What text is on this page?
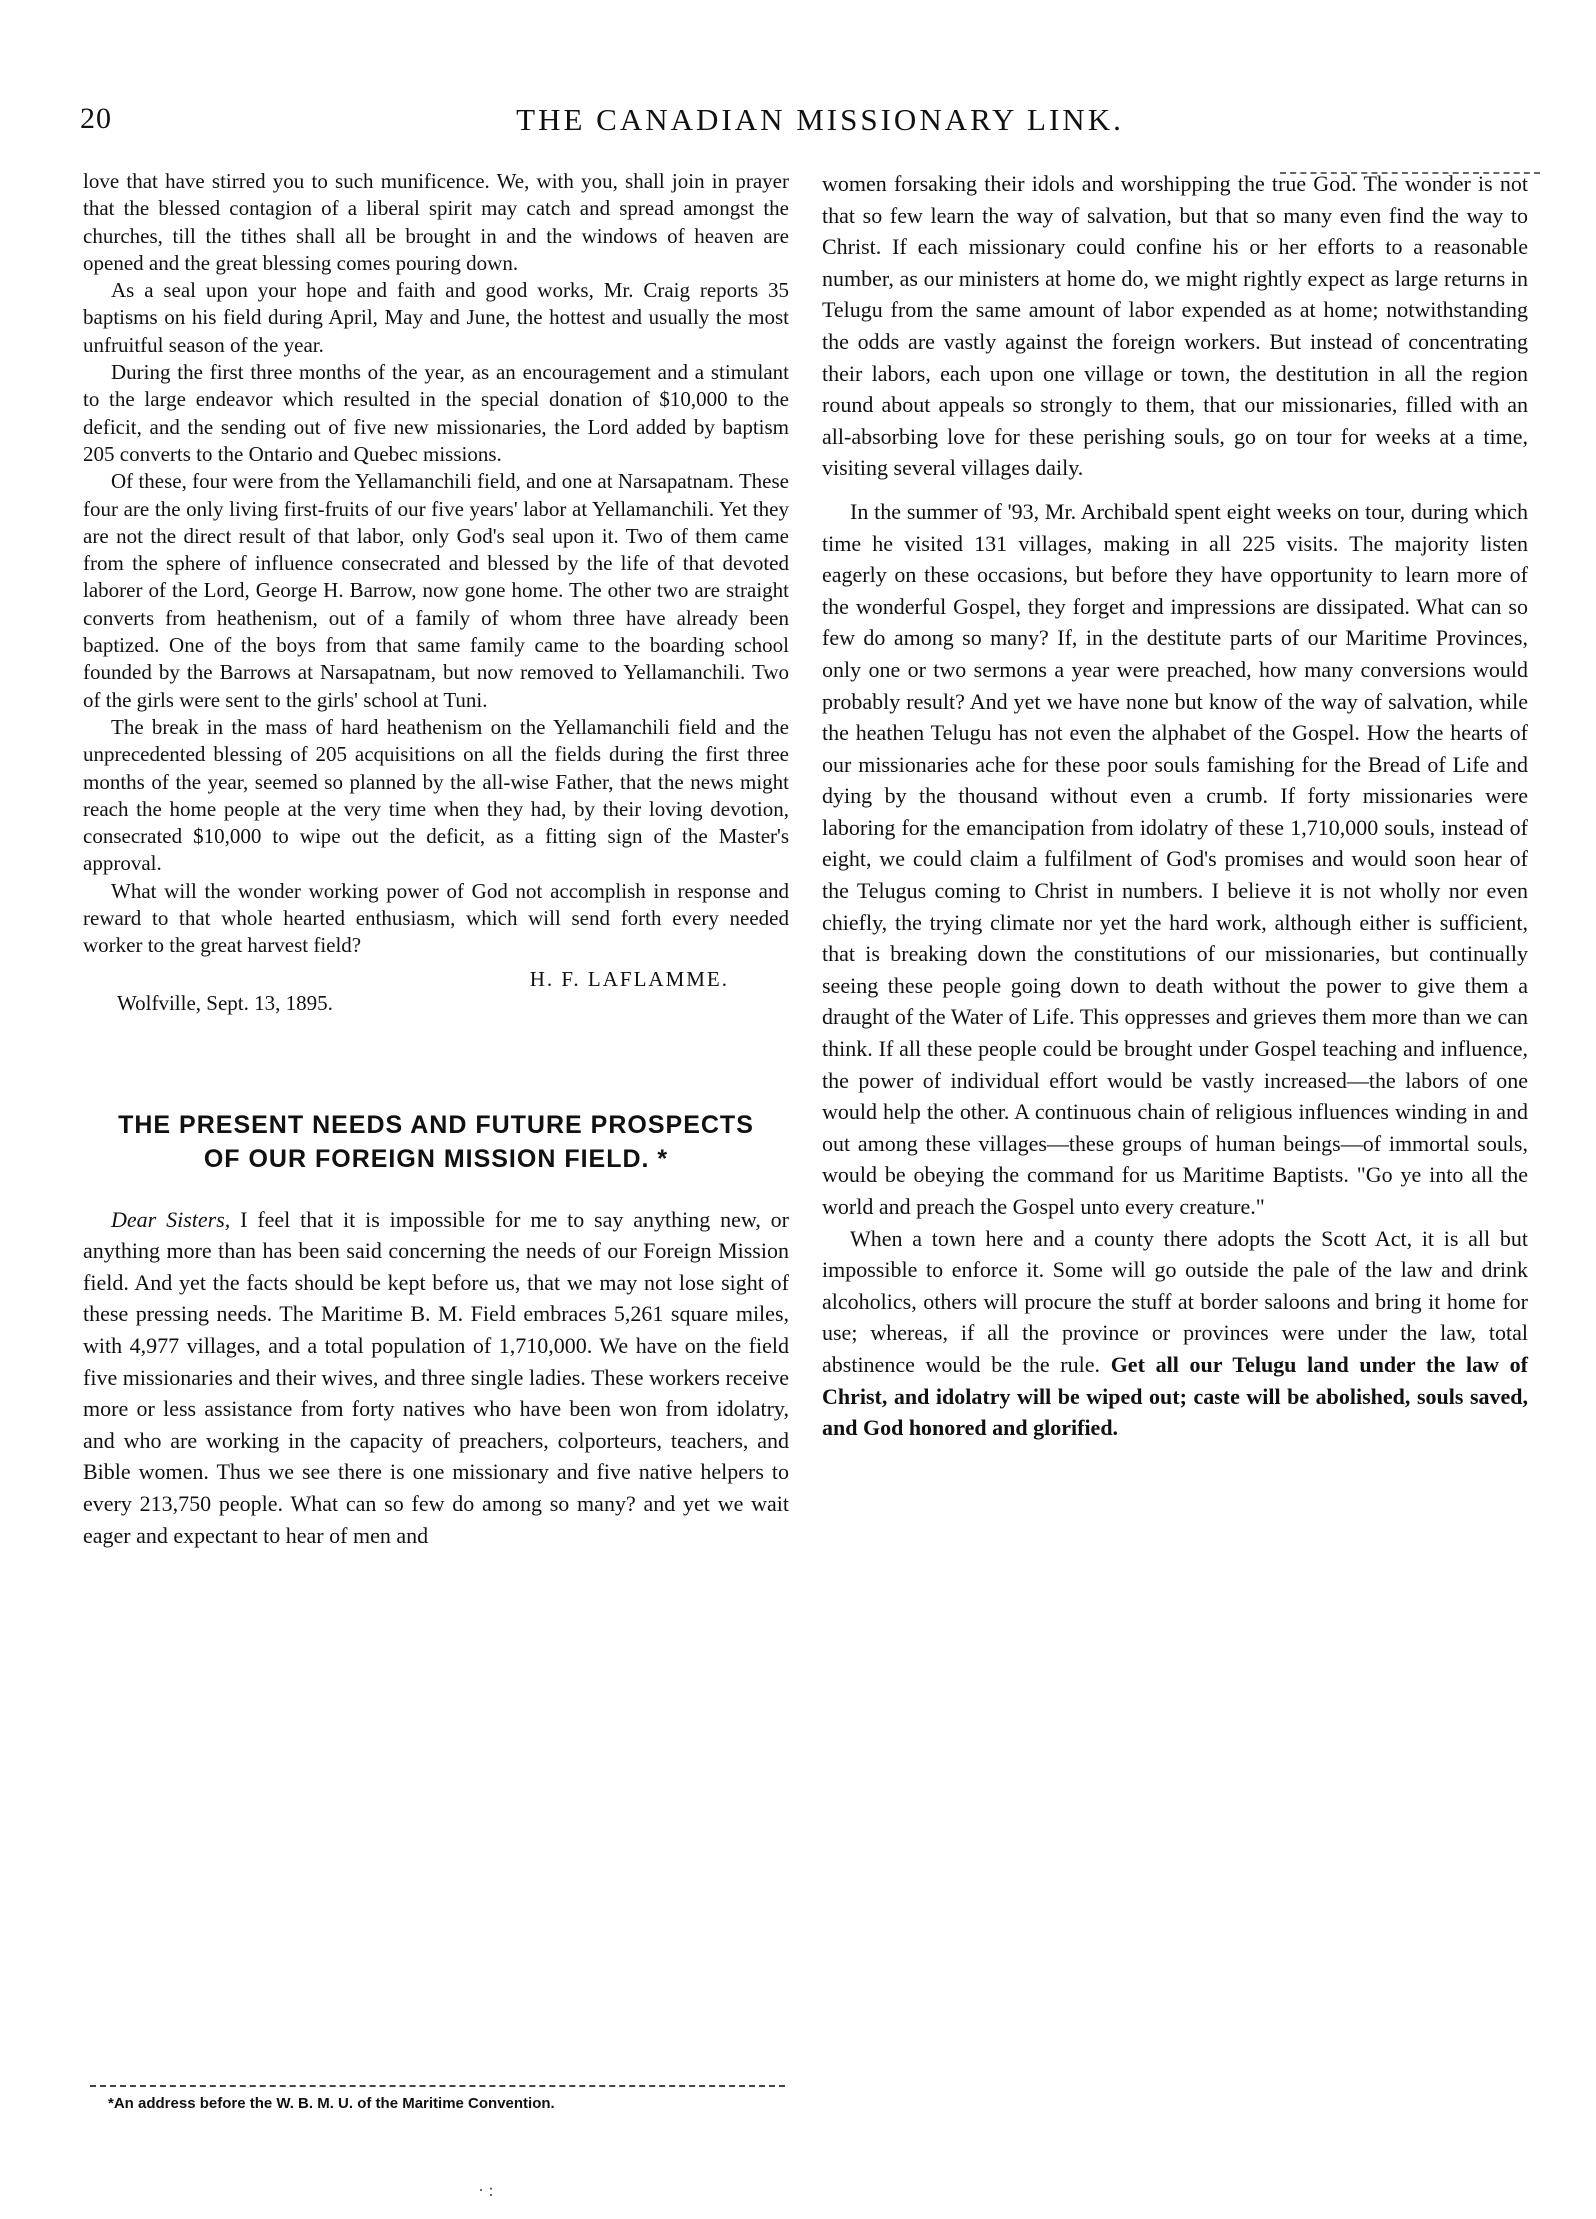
20	THE CANADIAN MISSIONARY LINK.

love that have stirred you to such munificence. We, with you, shall join in prayer that the blessed contagion of a liberal spirit may catch and spread amongst the churches, till the tithes shall all be brought in and the windows of heaven are opened and the great blessing comes pouring down.

As a seal upon your hope and faith and good works, Mr. Craig reports 35 baptisms on his field during April, May and June, the hottest and usually the most unfruitful season of the year.

During the first three months of the year, as an encouragement and a stimulant to the large endeavor which resulted in the special donation of $10,000 to the deficit, and the sending out of five new missionaries, the Lord added by baptism 205 converts to the Ontario and Quebec missions.

Of these, four were from the Yellamanchili field, and one at Narsapatnam. These four are the only living first-fruits of our five years' labor at Yellamanchili. Yet they are not the direct result of that labor, only God's seal upon it. Two of them came from the sphere of influence consecrated and blessed by the life of that devoted laborer of the Lord, George H. Barrow, now gone home. The other two are straight converts from heathenism, out of a family of whom three have already been baptized. One of the boys from that same family came to the boarding school founded by the Barrows at Narsapatnam, but now removed to Yellamanchili. Two of the girls were sent to the girls' school at Tuni.

The break in the mass of hard heathenism on the Yellamanchili field and the unprecedented blessing of 205 acquisitions on all the fields during the first three months of the year, seemed so planned by the all-wise Father, that the news might reach the home people at the very time when they had, by their loving devotion, consecrated $10,000 to wipe out the deficit, as a fitting sign of the Master's approval.

What will the wonder working power of God not accomplish in response and reward to that whole hearted enthusiasm, which will send forth every needed worker to the great harvest field?

H. F. LAFLAMME.
Wolfville, Sept. 13, 1895.
THE PRESENT NEEDS AND FUTURE PROSPECTS
OF OUR FOREIGN MISSION FIELD. *

Dear Sisters, I feel that it is impossible for me to say anything new, or anything more than has been said concerning the needs of our Foreign Mission field. And yet the facts should be kept before us, that we may not lose sight of these pressing needs. The Maritime B. M. Field embraces 5,261 square miles, with 4,977 villages, and a total population of 1,710,000. We have on the field five missionaries and their wives, and three single ladies. These workers receive more or less assistance from forty natives who have been won from idolatry, and who are working in the capacity of preachers, colporteurs, teachers, and Bible women. Thus we see there is one missionary and five native helpers to every 213,750 people. What can so few do among so many? and yet we wait eager and expectant to hear of men and

*An address before the W. B. M. U. of the Maritime Convention.

women forsaking their idols and worshipping the true God. The wonder is not that so few learn the way of salvation, but that so many even find the way to Christ. If each missionary could confine his or her efforts to a reasonable number, as our ministers at home do, we might rightly expect as large returns in Telugu from the same amount of labor expended as at home; notwithstanding the odds are vastly against the foreign workers. But instead of concentrating their labors, each upon one village or town, the destitution in all the region round about appeals so strongly to them, that our missionaries, filled with an all-absorbing love for these perishing souls, go on tour for weeks at a time, visiting several villages daily.

In the summer of '93, Mr. Archibald spent eight weeks on tour, during which time he visited 131 villages, making in all 225 visits. The majority listen eagerly on these occasions, but before they have opportunity to learn more of the wonderful Gospel, they forget and impressions are dissipated. What can so few do among so many? If, in the destitute parts of our Maritime Provinces, only one or two sermons a year were preached, how many conversions would probably result? And yet we have none but know of the way of salvation, while the heathen Telugu has not even the alphabet of the Gospel. How the hearts of our missionaries ache for these poor souls famishing for the Bread of Life and dying by the thousand without even a crumb. If forty missionaries were laboring for the emancipation from idolatry of these 1,710,000 souls, instead of eight, we could claim a fulfilment of God's promises and would soon hear of the Telugus coming to Christ in numbers. I believe it is not wholly nor even chiefly, the trying climate nor yet the hard work, although either is sufficient, that is breaking down the constitutions of our missionaries, but continually seeing these people going down to death without the power to give them a draught of the Water of Life. This oppresses and grieves them more than we can think. If all these people could be brought under Gospel teaching and influence, the power of individual effort would be vastly increased—the labors of one would help the other. A continuous chain of religious influences winding in and out among these villages—these groups of human beings—of immortal souls, would be obeying the command for us Maritime Baptists. "Go ye into all the world and preach the Gospel unto every creature."

When a town here and a county there adopts the Scott Act, it is all but impossible to enforce it. Some will go outside the pale of the law and drink alcoholics, others will procure the stuff at border saloons and bring it home for use; whereas, if all the province or provinces were under the law, total abstinence would be the rule. Get all our Telugu land under the law of Christ, and idolatry will be wiped out; caste will be abolished, souls saved, and God honored and glorified.

· :
